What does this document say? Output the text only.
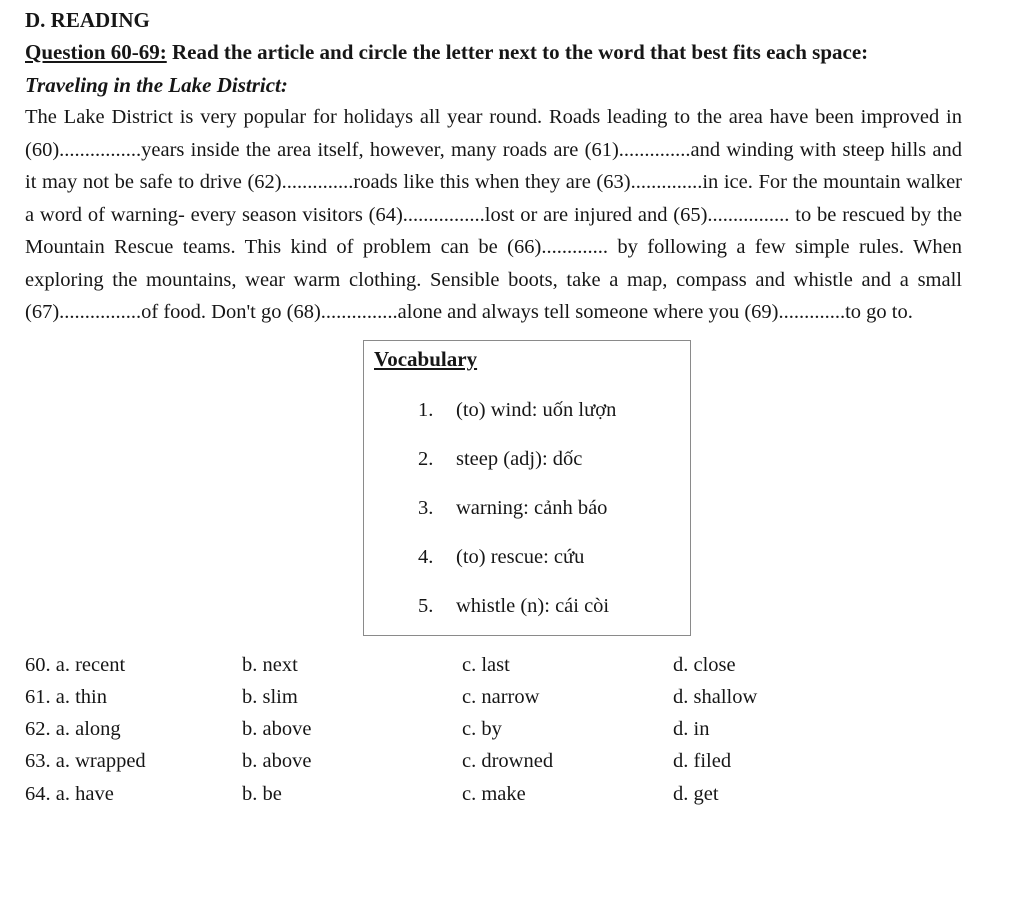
D. READING

Question 60-69: Read the article and circle the letter next to the word that best fits each space:

Traveling in the Lake District:

The Lake District is very popular for holidays all year round. Roads leading to the area have been improved in (60)................years inside the area itself, however, many roads are (61)..............and winding with steep hills and it may not be safe to drive (62)..............roads like this when they are (63)..............in ice. For the mountain walker a word of warning- every season visitors (64)................lost or are injured and (65)................ to be rescued by the Mountain Rescue teams. This kind of problem can be (66)............. by following a few simple rules. When exploring the mountains, wear warm clothing. Sensible boots, take a map, compass and whistle and a small (67)................of food. Don't go (68)...............alone and always tell someone where you (69).............to go to.

Vocabulary
1.	(to) wind: uốn lượn
2.	steep (adj): dốc
3.	warning: cảnh báo
4.	(to) rescue: cứu
5.	whistle (n): cái còi
60. a. recent	b. next	c. last	d. close
61. a. thin	b. slim	c. narrow	d. shallow
62. a. along	b. above	c. by	d. in
63. a. wrapped	b. above	c. drowned	d. filed
64. a. have	b. be	c. make	d. get
